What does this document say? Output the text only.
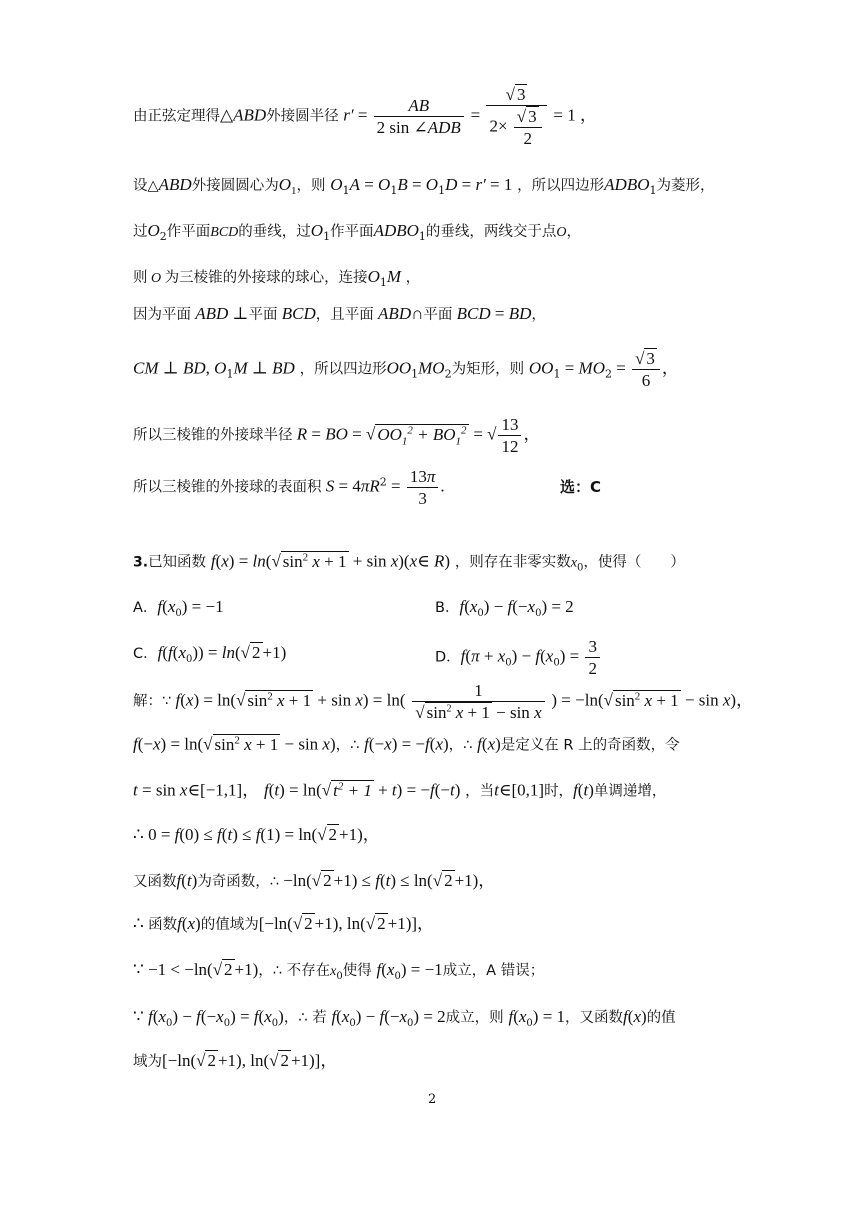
由正弦定理得△ABD外接圆半径 $r' = \frac{AB}{\text{2 sin ∠ADB}} = \frac{√ 3}{2\times \frac{√ 3}{2}} = 1$ ，
设△ABD外接圆圆心为$O_1$，则 $O_1A = O_1B = O_1D = r' = 1$ ，所以四边形$ADBO_1$为菱形，
过$O_2$作平面BCD的垂线，过$O_1$作平面$ADBO_1$的垂线，两线交于点O，
则 O 为三棱锥的外接球的球心，连接$O_1M$ ，
因为平面 ABD ⊥平面 BCD，且平面 ABD∩平面 BCD = BD，
CM ⊥ BD, $O_1M$ ⊥ BD ，所以四边形$OO_1MO_2$为矩形，则 $OO_1 = MO_2 = \frac{√ 3}{6}$ ，
所以三棱锥的外接球半径 R = BO = √ $OO_1^2 + BO_1^2$ = √ $\frac{13}{12}$ ，
所以三棱锥的外接球的表面积 $S = 4\pi R^2 = \frac{13\pi}{3}$ .	选：C
3.已知函数 f(x) = ln(√ $\sin^2 x + 1 + \sin$ x)(x∈ R) ，则存在非零实数$x_0$，使得（　　）
A．$f(x_0) = -1$	B．$f(x_0) - f(-x_0) = 2$
C．$f(f(x_0)) = \ln(√$ 2 +1)	D．$f(\pi + x_0) - f(x_0) = \frac{3}{2}$
解：∵ f(x) = ln(√ $\sin^2 x + 1 + \sin x) = \ln( \frac{1}{√ \sin^2 x + 1 - \sin x}$ ) = −ln(√ $\sin^2 x + 1 - \sin x$)，
f(−x) = ln(√ $\sin^2 x + 1 - \sin x$)，∴ f(−x) = −f(x)，∴ f(x)是定义在 R 上的奇函数，令
t = sin x∈[−1,1]， f(t) = ln(√ $t^2 + 1 + t) = -f(-t)$ ，当t∈[0,1]时，f(t)单调递增，
∴ 0 = f(0) ≤ f(t) ≤ f(1) = ln(√ 2 +1)，
又函数f(t)为奇函数，∴ −ln(√ 2 +1) ≤ f(t) ≤ ln(√ 2 +1)，
∴ 函数f(x)的值域为[−ln(√ 2 +1), ln(√ 2 +1)]，
∵ −1 < −ln(√ 2 +1)，∴ 不存在$x_0$使得 $f(x_0) = -1$成立，A 错误；
∵ $f(x_0) - f(-x_0) = f(x_0)$，∴ 若 $f(x_0) - f(-x_0) = 2$成立，则 $f(x_0) = 1$，又函数f(x)的值
域为[−ln(√ 2 +1), ln(√ 2 +1)]，
2
